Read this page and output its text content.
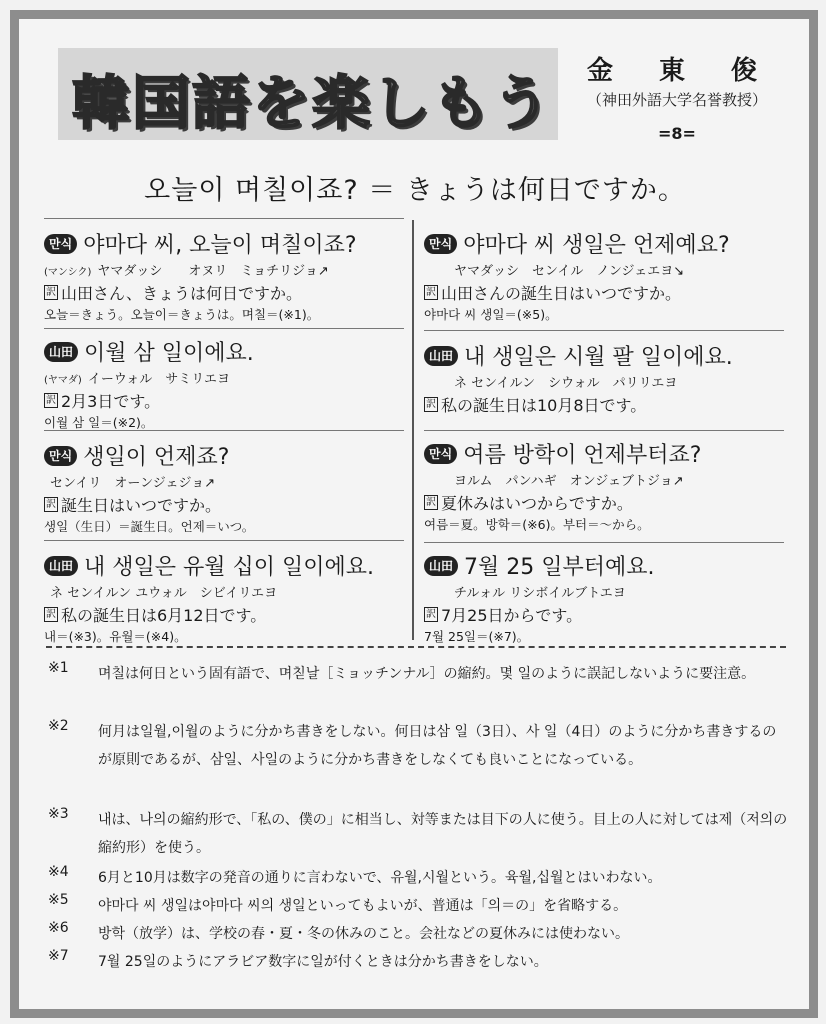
韓国語を楽しもう	金　東　俊
（神田外語大学名誉教授）
=8=
오늘이 며칠이죠? ＝ きょうは何日ですか。
만식 야마다 씨, 오늘이 며칠이죠?
(マンシク) ヤマダッシ　　オヌリ　ミョチリジョ↗
訳 山田さん、きょうは何日ですか。
오늘＝きょう。오늘이＝きょうは。며칠＝(※1)。
山田 이월 삼 일이에요.
(ヤマダ) イーウォル　サミリエヨ
訳 2月3日です。
이월 삼 일＝(※2)。
만식 생일이 언제죠?
センイリ　オーンジェジョ↗
訳 誕生日はいつですか。
생일（生日）＝誕生日。언제＝いつ。
山田 내 생일은 유월 십이 일이에요.
ネ センイルン ユウォル　シビイリエヨ
訳 私の誕生日は6月12日です。
내＝(※3)。유월＝(※4)。
만식 야마다 씨 생일은 언제예요?
ヤマダッシ　センイル　ノンジェエヨ↘
訳 山田さんの誕生日はいつですか。
야마다 씨 생일＝(※5)。
山田 내 생일은 시월 팔 일이에요.
ネ センイルン　シウォル　パリリエヨ
訳 私の誕生日は10月8日です。
만식 여름 방학이 언제부터죠?
ヨルム　パンハギ　オンジェブトジョ↗
訳 夏休みはいつからですか。
여름＝夏。방학＝(※6)。부터＝～から。
山田 7월 25 일부터예요.
チルォル リシボイルブトエヨ
訳 7月25日からです。
7월 25일＝(※7)。
※1	며칠は何日という固有語で、며칟날［ミョッチンナル］の縮約。몇 일のように誤記しないように要注意。
※2	何月は일월,이월のように分かち書きをしない。何日は삼 일（3日）、사 일（4日）のように分かち書きするのが原則であるが、삼일、사일のように分かち書きをしなくても良いことになっている。
※3	내は、나의の縮約形で、「私の、僕の」に相当し、対等または目下の人に使う。目上の人に対しては제（저의の縮約形）を使う。
※4	6月と10月は数字の発音の通りに言わないで、유월,시월という。육월,십월とはいわない。
※5	야마다 씨 생일は야마다 씨의 생일といってもよいが、普通は「의＝の」を省略する。
※6	방학（放学）は、学校の春・夏・冬の休みのこと。会社などの夏休みには使わない。
※7	7월 25일のようにアラビア数字に일が付くときは分かち書きをしない。
